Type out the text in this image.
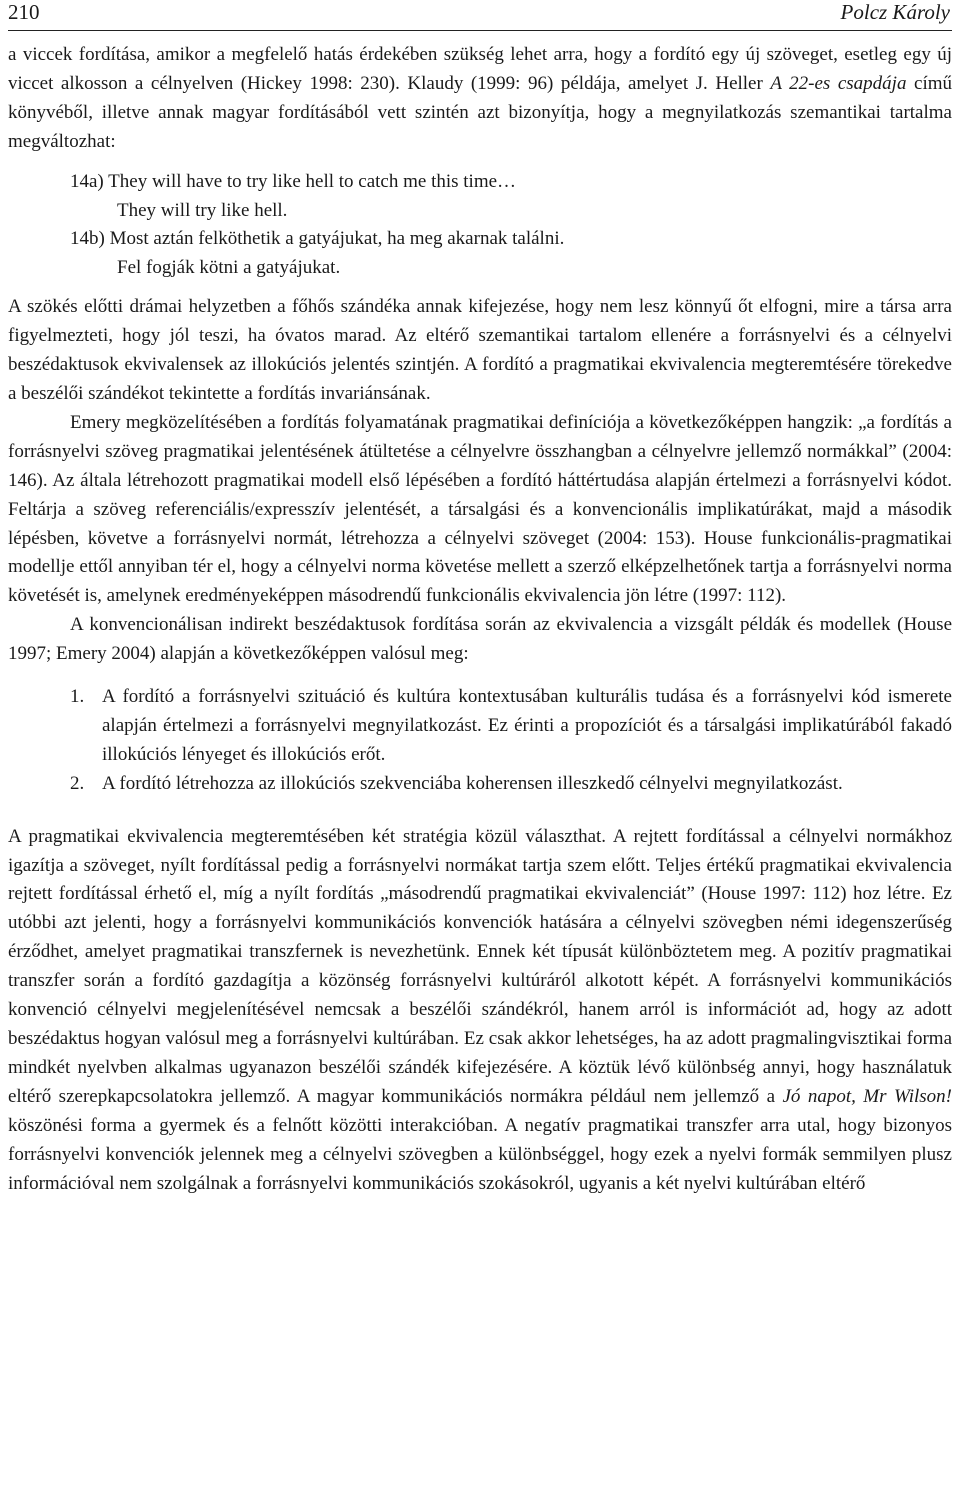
210	Polcz Károly

a viccek fordítása, amikor a megfelelő hatás érdekében szükség lehet arra, hogy a fordító egy új szöveget, esetleg egy új viccet alkosson a célnyelven (Hickey 1998: 230). Klaudy (1999: 96) példája, amelyet J. Heller A 22-es csapdája című könyvéből, illetve annak magyar fordításából vett szintén azt bizonyítja, hogy a megnyilatkozás szemantikai tartalma megváltozhat:

14a) They will have to try like hell to catch me this time…
They will try like hell.
14b) Most aztán felköthetik a gatyájukat, ha meg akarnak találni.
Fel fogják kötni a gatyájukat.

A szökés előtti drámai helyzetben a főhős szándéka annak kifejezése, hogy nem lesz könnyű őt elfogni, mire a társa arra figyelmezteti, hogy jól teszi, ha óvatos marad. Az eltérő szemantikai tartalom ellenére a forrásnyelvi és a célnyelvi beszédaktusok ekvivalensek az illokúciós jelentés szintjén. A fordító a pragmatikai ekvivalencia megteremtésére törekedve a beszélői szándékot tekintette a fordítás invariánsának.

Emery megközelítésében a fordítás folyamatának pragmatikai definíciója a következőképpen hangzik: „a fordítás a forrásnyelvi szöveg pragmatikai jelentésének átültetése a célnyelvre összhangban a célnyelvre jellemző normákkal” (2004: 146). Az általa létrehozott pragmatikai modell első lépésében a fordító háttértudása alapján értelmezi a forrásnyelvi kódot. Feltárja a szöveg referenciális/expresszív jelentését, a társalgási és a konvencionális implikatúrákat, majd a második lépésben, követve a forrásnyelvi normát, létrehozza a célnyelvi szöveget (2004: 153). House funkcionális-pragmatikai modellje ettől annyiban tér el, hogy a célnyelvi norma követése mellett a szerző elképzelhetőnek tartja a forrásnyelvi norma követését is, amelynek eredményeképpen másodrendű funkcionális ekvivalencia jön létre (1997: 112).

A konvencionálisan indirekt beszédaktusok fordítása során az ekvivalencia a vizsgált példák és modellek (House 1997; Emery 2004) alapján a következőképpen valósul meg:

1. A fordító a forrásnyelvi szituáció és kultúra kontextusában kulturális tudása és a forrásnyelvi kód ismerete alapján értelmezi a forrásnyelvi megnyilatkozást. Ez érinti a propozíciót és a társalgási implikatúrából fakadó illokúciós lényeget és illokúciós erőt.
2. A fordító létrehozza az illokúciós szekvenciába koherensen illeszkedő célnyelvi megnyilatkozást.

A pragmatikai ekvivalencia megteremtésében két stratégia közül választhat. A rejtett fordítással a célnyelvi normákhoz igazítja a szöveget, nyílt fordítással pedig a forrásnyelvi normákat tartja szem előtt. Teljes értékű pragmatikai ekvivalencia rejtett fordítással érhető el, míg a nyílt fordítás „másodrendű pragmatikai ekvivalenciát” (House 1997: 112) hoz létre. Ez utóbbi azt jelenti, hogy a forrásnyelvi kommunikációs konvenciók hatására a célnyelvi szövegben némi idegenszerűség érződhet, amelyet pragmatikai transzfernek is nevezhetünk. Ennek két típusát különböztetem meg. A pozitív pragmatikai transzfer során a fordító gazdagítja a közönség forrásnyelvi kultúráról alkotott képét. A forrásnyelvi kommunikációs konvenció célnyelvi megjelenítésével nemcsak a beszélői szándékról, hanem arról is információt ad, hogy az adott beszédaktus hogyan valósul meg a forrásnyelvi kultúrában. Ez csak akkor lehetséges, ha az adott pragmalingvisztikai forma mindkét nyelvben alkalmas ugyanazon beszélői szándék kifejezésére. A köztük lévő különbség annyi, hogy használatuk eltérő szerepkapcsolatokra jellemző. A magyar kommunikációs normákra például nem jellemző a Jó napot, Mr Wilson! köszönési forma a gyermek és a felnőtt közötti interakcióban. A negatív pragmatikai transzfer arra utal, hogy bizonyos forrásnyelvi konvenciók jelennek meg a célnyelvi szövegben a különbséggel, hogy ezek a nyelvi formák semmilyen plusz információval nem szolgálnak a forrásnyelvi kommunikációs szokásokról, ugyanis a két nyelvi kultúrában eltérő
